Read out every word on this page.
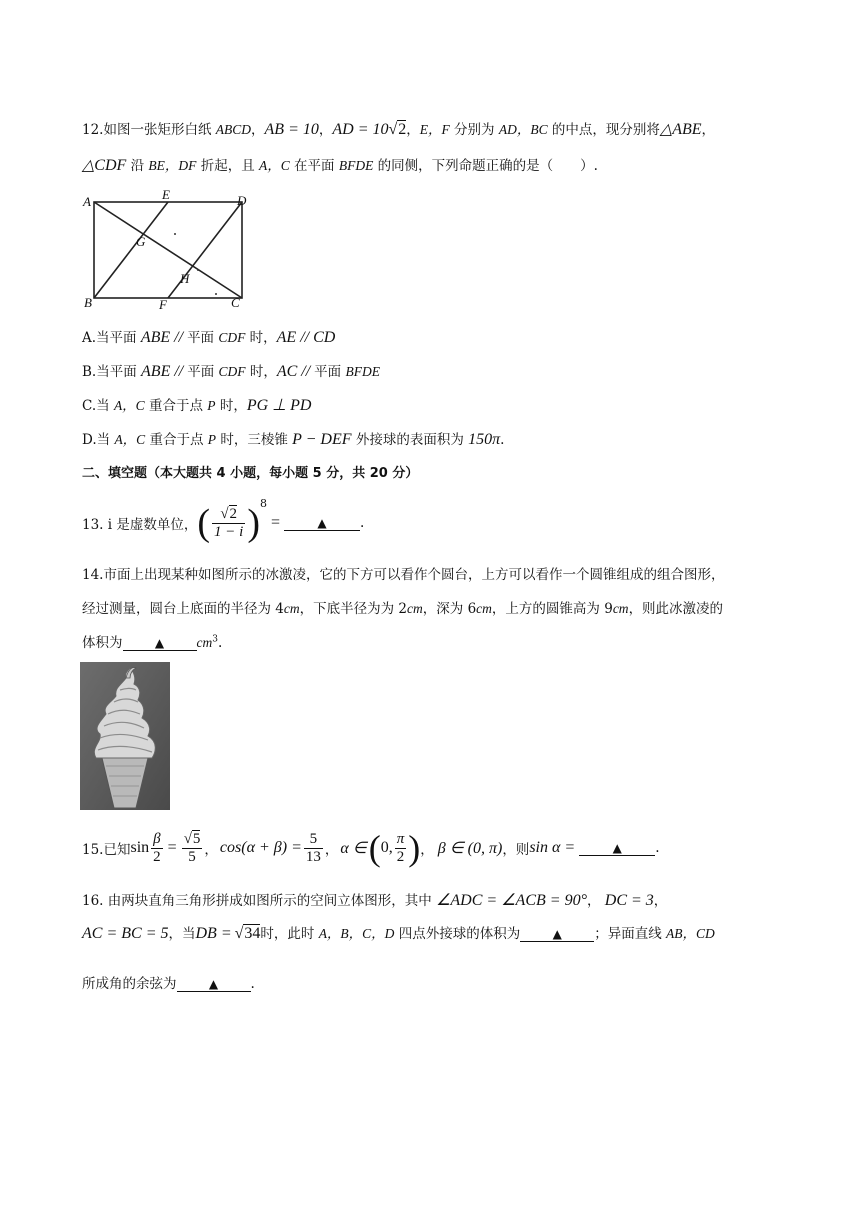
12.如图一张矩形白纸 ABCD，AB = 10，AD = 10√2，E，F 分别为 AD，BC 的中点，现分别将△ABE，
△CDF 沿 BE，DF 折起，且 A，C 在平面 BFDE 的同侧，下列命题正确的是（　　）.
A	E	D
G
H
B	F	C
A.当平面 ABE // 平面 CDF 时，AE // CD
B.当平面 ABE // 平面 CDF 时，AC // 平面 BFDE
C.当 A，C 重合于点 P 时，PG ⊥ PD
D.当 A，C 重合于点 P 时，三棱锥 P − DEF 外接球的表面积为 150π.
二、填空题（本大题共 4 小题，每小题 5 分，共 20 分）
13. i 是虚数单位， ( $\frac{√2}{1 - i}$ ) 8
=	▲	.
14.市面上出现某种如图所示的冰激凌，它的下方可以看作个圆台，上方可以看作一个圆锥组成的组合图形，
经过测量，圆台上底面的半径为 4cm，下底半径为为 2cm，深为 6cm，上方的圆锥高为 9cm，则此冰激凌的
体积为	▲ $cm^3$.
15.已知 $\sin \frac{\beta}{2} = \frac{√5}{5}$ ， $\cos(\alpha + \beta) = \frac{5}{13}$ ， α ∈ ( 0, $\frac{\pi}{2}$ ) ， β ∈ (0, π) ，则 sin α =	▲	.
16. 由两块直角三角形拼成如图所示的空间立体图形，其中 ∠ADC = ∠ACB = 90°， DC = 3，
AC = BC = 5，当DB = √34时，此时 A，B，C，D 四点外接球的体积为	▲ ；异面直线 AB，CD
所成角的余弦为	▲ .
